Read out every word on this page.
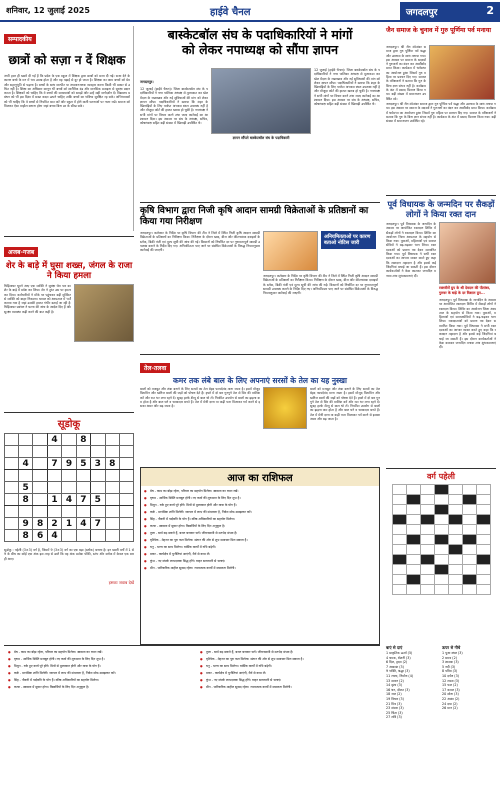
शनिवार, 12 जुलाई 2025	हाईवे चैनल	जगदलपुर	2
सम्पादकीय
छात्रों को सज़ा न दें शिक्षक
अभी हाल ही खबरें दी गईं हैं कि प्रदेश के एक स्कूल में शिक्षक द्वारा छात्रों को सजा दी गई। सजा देने के कारण बच्चे के मन में भय उत्पन्न होता है और वह पढ़ाई से दूर हो जाता है। शिक्षक का काम बच्चों को प्रेम और सहानुभूति से पढ़ाना है। बच्चों के साथ मारपीट या अपमानजनक व्यवहार करना किसी भी प्रकार से उचित नहीं है। शिक्षा का अधिकार कानून भी बच्चों को शारीरिक दंड और मानसिक प्रताड़ना से सुरक्षा प्रदान करता है। शिक्षकों को चाहिए कि वे बच्चों की समस्याओं को समझें और उन्हें सही मार्गदर्शन दें। विद्यालय प्रबंधन को भी इस दिशा में सख्त कदम उठाने चाहिए ताकि बच्चों का भविष्य सुरक्षित रह सके। अभिभावकों को भी चाहिए कि वे बच्चों से नियमित बात करें और स्कूल में होने वाली घटनाओं पर नजर रखें। समाज को मिलकर ऐसा माहौल बनाना होगा जहां बच्चा बिना डर के सीख सके।
अजब-गजब
शेर के बाड़े में घुसा शख्स, जंगल के राजा ने किया हमला
चिड़ियाघर घूमने आए एक व्यक्ति ने सुरक्षा घेरा पार कर शेर के बाड़े में प्रवेश कर लिया। शेर ने तुरंत उस पर हमला कर दिया। कर्मचारियों ने मौके पर पहुंचकर बड़ी मुश्किल से व्यक्ति को बाहर निकाला। घायल को अस्पताल में भर्ती कराया गया है जहां उसकी हालत गंभीर बताई जा रही है। चिड़ियाघर प्रबंधन ने घटना की जांच के आदेश दिए हैं और सुरक्षा व्यवस्था कड़ी करने की बात कही है।
सूडोकू
			4		8			

	4		7	9	5	3	8	

	5							
	8		1	4	7	5		

	9	8	2	1	4	7		
	8	6	4					
सुडोकू : पहेली (3×3) वर्ग है, जिसमें 9 (3×3) वर्ग का एक बड़ा (ब्लॉक) बनाना है। इन खाली वर्गों में 1 से 9 के बीच का कोई एक अंक इस तरह से डालें कि वह अंक प्रत्येक पंक्ति, स्तंभ और ब्लॉक में केवल एक बार ही आए।
इसका जवाब देखें
बास्केटबॉल संघ के पदाधिकारियों ने मांगों
को लेकर नपाध्यक्ष को सौंपा ज्ञापन
जगदलपुर।
12 जुलाई (हाईवे चैनल)। जिला बास्केटबॉल संघ के पदाधिकारियों ने नगर पालिका अध्यक्ष से मुलाकात कर खेल मैदान के रखरखाव और नई सुविधाओं की मांग को लेकर ज्ञापन सौंपा। पदाधिकारियों ने बताया कि शहर के खिलाड़ियों के लिए पर्याप्त अभ्यास स्थल उपलब्ध नहीं है और मौजूदा कोर्ट की हालत खराब हो चुकी है। नपाध्यक्ष ने सभी मांगों पर विचार करने तथा जल्द कार्रवाई का आश्वासन दिया। इस अवसर पर संघ के अध्यक्ष, सचिव, कोषाध्यक्ष सहित बड़ी संख्या में खिलाड़ी उपस्थित थे।
ज्ञापन सौंपते बास्केटबॉल संघ के पदाधिकारी
12 जुलाई (हाईवे चैनल)। जिला बास्केटबॉल संघ के पदाधिकारियों ने नगर पालिका अध्यक्ष से मुलाकात कर खेल मैदान के रखरखाव और नई सुविधाओं की मांग को लेकर ज्ञापन सौंपा। पदाधिकारियों ने बताया कि शहर के खिलाड़ियों के लिए पर्याप्त अभ्यास स्थल उपलब्ध नहीं है और मौजूदा कोर्ट की हालत खराब हो चुकी है। नपाध्यक्ष ने सभी मांगों पर विचार करने तथा जल्द कार्रवाई का आश्वासन दिया। इस अवसर पर संघ के अध्यक्ष, सचिव, कोषाध्यक्ष सहित बड़ी संख्या में खिलाड़ी उपस्थित थे।
कृषि विभाग द्वारा निजी कृषि आदान सामग्री विक्रेताओं के प्रतिष्ठानों का किया गया निरीक्षण
जगदलपुर। कलेक्टर के निर्देश पर कृषि विभाग की टीम ने जिले में स्थित निजी कृषि आदान सामग्री विक्रेताओं के प्रतिष्ठानों का निरीक्षण किया। निरीक्षण के दौरान खाद, बीज और कीटनाशक दवाइयों के स्टॉक, बिक्री पंजी एवं मूल्य सूची की जांच की गई। किसानों को निर्धारित दर पर गुणवत्तापूर्ण सामग्री उपलब्ध कराने के निर्देश दिए गए। अनियमितता पाए जाने पर संबंधित विक्रेताओं के विरुद्ध नियमानुसार कार्रवाई की जाएगी।
अनियमितताओं पर कारण बताओ नोटिस जारी
जगदलपुर। कलेक्टर के निर्देश पर कृषि विभाग की टीम ने जिले में स्थित निजी कृषि आदान सामग्री विक्रेताओं के प्रतिष्ठानों का निरीक्षण किया। निरीक्षण के दौरान खाद, बीज और कीटनाशक दवाइयों के स्टॉक, बिक्री पंजी एवं मूल्य सूची की जांच की गई। किसानों को निर्धारित दर पर गुणवत्तापूर्ण सामग्री उपलब्ध कराने के निर्देश दिए गए। अनियमितता पाए जाने पर संबंधित विक्रेताओं के विरुद्ध नियमानुसार कार्रवाई की जाएगी।
तेल-तलवा
कमर तक लंबे बाल के लिए अपनाएं सरसों के तेल का यह नुस्खा
बालों को मजबूत और लंबा बनाने के लिए सरसों का तेल बेहद फायदेमंद माना जाता है। इसमें मौजूद विटामिन और खनिज बालों की जड़ों को पोषण देते हैं। हफ्ते में दो बार गुनगुने तेल से सिर की मालिश करें और रात भर लगा रहने दें। सुबह हल्के शैम्पू से बाल धो लें। नियमित उपयोग से बालों का झड़ना कम होता है और बाल घने व चमकदार बनते हैं। तेल में मेथी दाना या कढ़ी पत्ता मिलाकर गर्म करने से इसका असर और बढ़ जाता है।
बालों को मजबूत और लंबा बनाने के लिए सरसों का तेल बेहद फायदेमंद माना जाता है। इसमें मौजूद विटामिन और खनिज बालों की जड़ों को पोषण देते हैं। हफ्ते में दो बार गुनगुने तेल से सिर की मालिश करें और रात भर लगा रहने दें। सुबह हल्के शैम्पू से बाल धो लें। नियमित उपयोग से बालों का झड़ना कम होता है और बाल घने व चमकदार बनते हैं। तेल में मेथी दाना या कढ़ी पत्ता मिलाकर गर्म करने से इसका असर और बढ़ जाता है।
जैन समाज के चुनाव में गुरु पूर्णिमा पर्व मनाया
जगदलपुर। श्री जैन श्वेतांबर समाज द्वारा गुरु पूर्णिमा पर्व श्रद्धा और उल्लास के साथ मनाया गया। इस अवसर पर समाज के सदस्यों ने गुरुजनों का वंदन कर आशीर्वाद प्राप्त किया। कार्यक्रम में धर्मसभा का आयोजन हुआ जिसमें गुरु महिमा पर प्रवचन दिए गए। समाज के वरिष्ठजनों ने बताया कि गुरु के बिना ज्ञान संभव नहीं है। कार्यक्रम के अंत में प्रसाद वितरण किया गया। बड़ी संख्या में समाजजन उपस्थित रहे।
जगदलपुर। श्री जैन श्वेतांबर समाज द्वारा गुरु पूर्णिमा पर्व श्रद्धा और उल्लास के साथ मनाया गया। इस अवसर पर समाज के सदस्यों ने गुरुजनों का वंदन कर आशीर्वाद प्राप्त किया। कार्यक्रम में धर्मसभा का आयोजन हुआ जिसमें गुरु महिमा पर प्रवचन दिए गए। समाज के वरिष्ठजनों ने बताया कि गुरु के बिना ज्ञान संभव नहीं है। कार्यक्रम के अंत में प्रसाद वितरण किया गया। बड़ी संख्या में समाजजन उपस्थित रहे।
पूर्व विधायक के जन्मदिन पर सैकड़ों लोगों ने किया रक्त दान
जगदलपुर। पूर्व विधायक के जन्मदिन के अवसर पर आयोजित रक्तदान शिविर में सैकड़ों लोगों ने रक्तदान किया। शिविर का आयोजन जिला अस्पताल के सहयोग से किया गया। युवाओं, महिलाओं एवं समाजसेवियों ने बढ़-चढ़कर भाग लिया। रक्तदाताओं को प्रमाण पत्र देकर सम्मानित किया गया। पूर्व विधायक ने सभी रक्तदाताओं का आभार व्यक्त करते हुए कहा कि रक्तदान महादान है और इससे कई जिंदगियां बचाई जा सकती हैं। इस दौरान कार्यकर्ताओं ने केक काटकर जन्मदिन मनाया तथा शुभकामनाएं दीं।
रक्तवीरों ग्रुप के श्री देवदत्त की पीतांबर, गुरुवर के बाड़े के दर विशाल ग्रुप...
जगदलपुर। पूर्व विधायक के जन्मदिन के अवसर पर आयोजित रक्तदान शिविर में सैकड़ों लोगों ने रक्तदान किया। शिविर का आयोजन जिला अस्पताल के सहयोग से किया गया। युवाओं, महिलाओं एवं समाजसेवियों ने बढ़-चढ़कर भाग लिया। रक्तदाताओं को प्रमाण पत्र देकर सम्मानित किया गया। पूर्व विधायक ने सभी रक्तदाताओं का आभार व्यक्त करते हुए कहा कि रक्तदान महादान है और इससे कई जिंदगियां बचाई जा सकती हैं। इस दौरान कार्यकर्ताओं ने केक काटकर जन्मदिन मनाया तथा शुभकामनाएं दीं।
वर्ग पहेली

आज का राशिफल
● मेष - काम का बोझ रहेगा, परिवार का सहयोग मिलेगा। स्वास्थ्य का ध्यान रखें।
● वृषभ - आर्थिक स्थिति मजबूत होगी। नए कार्य की शुरुआत के लिए दिन शुभ है।
● मिथुन - रुके हुए कार्य पूरे होंगे। मित्रों से मुलाकात होगी और यात्रा के योग हैं।
● कर्क - मानसिक शांति मिलेगी। व्यापार में लाभ की संभावना है, निवेश सोच-समझकर करें।
● सिंह - नौकरी में पदोन्नति के योग हैं। वरिष्ठ अधिकारियों का सहयोग मिलेगा।
● कन्या - स्वास्थ्य में सुधार होगा। विद्यार्थियों के लिए दिन अनुकूल है।
● तुला - खर्च बढ़ सकते हैं, बजट बनाकर चलें। जीवनसाथी से मतभेद संभव है।
● वृश्चिक - मेहनत का पूरा फल मिलेगा। संतान की ओर से शुभ समाचार मिल सकता है।
● धनु - भाग्य का साथ मिलेगा। धार्मिक कार्यों में रुचि बढ़ेगी।
● मकर - कार्यक्षेत्र में चुनौतियां आएंगी, धैर्य से काम लें।
● कुंभ - नए संपर्क लाभदायक सिद्ध होंगे। वाहन सावधानी से चलाएं।
● मीन - पारिवारिक माहौल सुखद रहेगा। रचनात्मक कार्यों में सफलता मिलेगी।
बाएं से दाएं
1 प्राकृतिक ऊर्जा (5)
4 चमक, रोशनी (3)
6 दिल, हृदय (2)
7 आकाश (3)
9 भक्ति, श्रद्धा (3)
11 रचना, निर्माण (4)
13 समान (2)
14 दृश्य (3)
16 धन, दौलत (3)
18 जल (2)
19 विचार (3)
21 मित्र (3)
23 संसार (3)
25 चिंता (3)
27 रात्रि (3)
ऊपर से नीचे
1 पूजा स्थल (3)
2 समय (2)
3 शासक (3)
5 नदी (3)
8 पवित्र (3)
10 दर्पण (3)
12 रास्ता (3)
15 फल (2)
17 कमल (3)
20 सोना (3)
22 आशा (2)
24 दया (2)
26 मान (2)
● मेष - काम का बोझ रहेगा, परिवार का सहयोग मिलेगा। स्वास्थ्य का ध्यान रखें।
● वृषभ - आर्थिक स्थिति मजबूत होगी। नए कार्य की शुरुआत के लिए दिन शुभ है।
● मिथुन - रुके हुए कार्य पूरे होंगे। मित्रों से मुलाकात होगी और यात्रा के योग हैं।
● कर्क - मानसिक शांति मिलेगी। व्यापार में लाभ की संभावना है, निवेश सोच-समझकर करें।
● सिंह - नौकरी में पदोन्नति के योग हैं। वरिष्ठ अधिकारियों का सहयोग मिलेगा।
● कन्या - स्वास्थ्य में सुधार होगा। विद्यार्थियों के लिए दिन अनुकूल है।
● तुला - खर्च बढ़ सकते हैं, बजट बनाकर चलें। जीवनसाथी से मतभेद संभव है।
● वृश्चिक - मेहनत का पूरा फल मिलेगा। संतान की ओर से शुभ समाचार मिल सकता है।
● धनु - भाग्य का साथ मिलेगा। धार्मिक कार्यों में रुचि बढ़ेगी।
● मकर - कार्यक्षेत्र में चुनौतियां आएंगी, धैर्य से काम लें।
● कुंभ - नए संपर्क लाभदायक सिद्ध होंगे। वाहन सावधानी से चलाएं।
● मीन - पारिवारिक माहौल सुखद रहेगा। रचनात्मक कार्यों में सफलता मिलेगी।
